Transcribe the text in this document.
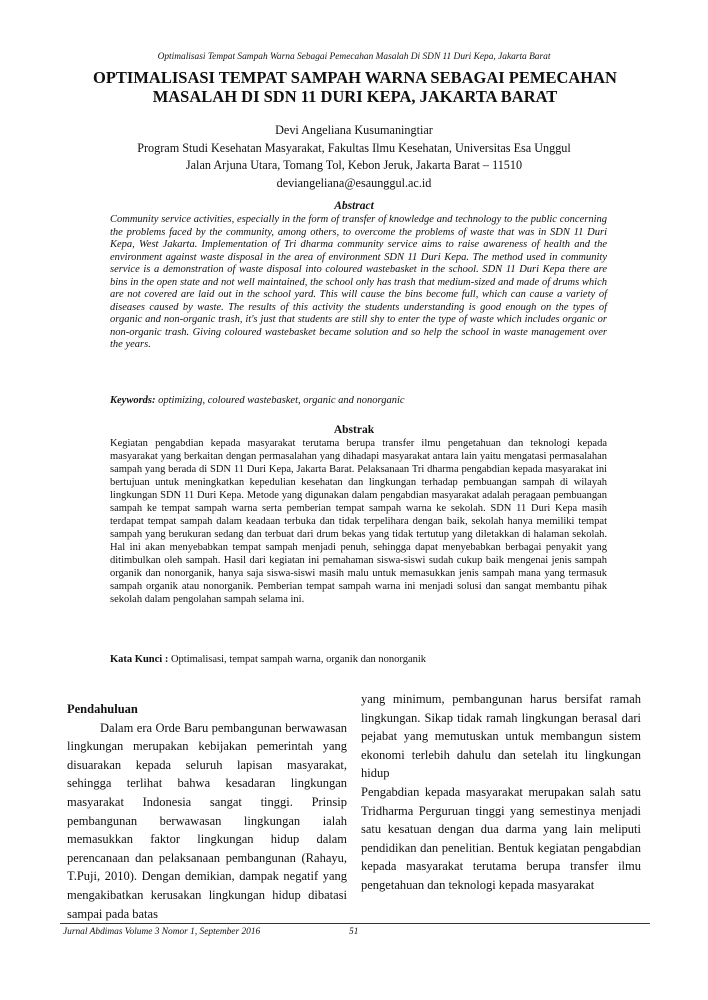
Optimalisasi Tempat Sampah Warna Sebagai Pemecahan Masalah Di SDN 11 Duri Kepa, Jakarta Barat
OPTIMALISASI TEMPAT SAMPAH WARNA SEBAGAI PEMECAHAN
MASALAH DI SDN 11 DURI KEPA, JAKARTA BARAT
Devi Angeliana Kusumaningtiar
Program Studi Kesehatan Masyarakat, Fakultas Ilmu Kesehatan, Universitas Esa Unggul
Jalan Arjuna Utara, Tomang Tol, Kebon Jeruk, Jakarta Barat – 11510
deviangeliana@esaunggul.ac.id
Abstract
Community service activities, especially in the form of transfer of knowledge and technology to the public concerning the problems faced by the community, among others, to overcome the problems of waste that was in SDN 11 Duri Kepa, West Jakarta. Implementation of Tri dharma community service aims to raise awareness of health and the environment against waste disposal in the area of environment SDN 11 Duri Kepa. The method used in community service is a demonstration of waste disposal into coloured wastebasket in the school. SDN 11 Duri Kepa there are bins in the open state and not well maintained, the school only has trash that medium-sized and made of drums which are not covered are laid out in the school yard. This will cause the bins become full, which can cause a variety of diseases caused by waste. The results of this activity the students understanding is good enough on the types of organic and non-organic trash, it's just that students are still shy to enter the type of waste which includes organic or non-organic trash. Giving coloured wastebasket became solution and so help the school in waste management over the years.
Keywords: optimizing, coloured wastebasket, organic and nonorganic
Abstrak
Kegiatan pengabdian kepada masyarakat terutama berupa transfer ilmu pengetahuan dan teknologi kepada masyarakat yang berkaitan dengan permasalahan yang dihadapi masyarakat antara lain yaitu mengatasi permasalahan sampah yang berada di SDN 11 Duri Kepa, Jakarta Barat. Pelaksanaan Tri dharma pengabdian kepada masyarakat ini bertujuan untuk meningkatkan kepedulian kesehatan dan lingkungan terhadap pembuangan sampah di wilayah lingkungan SDN 11 Duri Kepa. Metode yang digunakan dalam pengabdian masyarakat adalah peragaan pembuangan sampah ke tempat sampah warna serta pemberian tempat sampah warna ke sekolah. SDN 11 Duri Kepa masih terdapat tempat sampah dalam keadaan terbuka dan tidak terpelihara dengan baik, sekolah hanya memiliki tempat sampah yang berukuran sedang dan terbuat dari drum bekas yang tidak tertutup yang diletakkan di halaman sekolah. Hal ini akan menyebabkan tempat sampah menjadi penuh, sehingga dapat menyebabkan berbagai penyakit yang ditimbulkan oleh sampah. Hasil dari kegiatan ini pemahaman siswa-siswi sudah cukup baik mengenai jenis sampah organik dan nonorganik, hanya saja siswa-siswi masih malu untuk memasukkan jenis sampah mana yang termasuk sampah organik atau nonorganik. Pemberian tempat sampah warna ini menjadi solusi dan sangat membantu pihak sekolah dalam pengolahan sampah selama ini.
Kata Kunci : Optimalisasi, tempat sampah warna, organik dan nonorganik
Pendahuluan

Dalam era Orde Baru pembangunan berwawasan lingkungan merupakan kebijakan pemerintah yang disuarakan kepada seluruh lapisan masyarakat, sehingga terlihat bahwa kesadaran lingkungan masyarakat Indonesia sangat tinggi. Prinsip pembangunan berwawasan lingkungan ialah memasukkan faktor lingkungan hidup dalam perencanaan dan pelaksanaan pembangunan (Rahayu, T.Puji, 2010). Dengan demikian, dampak negatif yang mengakibatkan kerusakan lingkungan hidup dibatasi sampai pada batas

yang minimum, pembangunan harus bersifat ramah lingkungan. Sikap tidak ramah lingkungan berasal dari pejabat yang memutuskan untuk membangun sistem ekonomi terlebih dahulu dan setelah itu lingkungan hidup

Pengabdian kepada masyarakat merupakan salah satu Tridharma Perguruan tinggi yang semestinya menjadi satu kesatuan dengan dua darma yang lain meliputi pendidikan dan penelitian. Bentuk kegiatan pengabdian kepada masyarakat terutama berupa transfer ilmu pengetahuan dan teknologi kepada masyarakat

Jurnal Abdimas Volume 3 Nomor 1, September 2016	51
